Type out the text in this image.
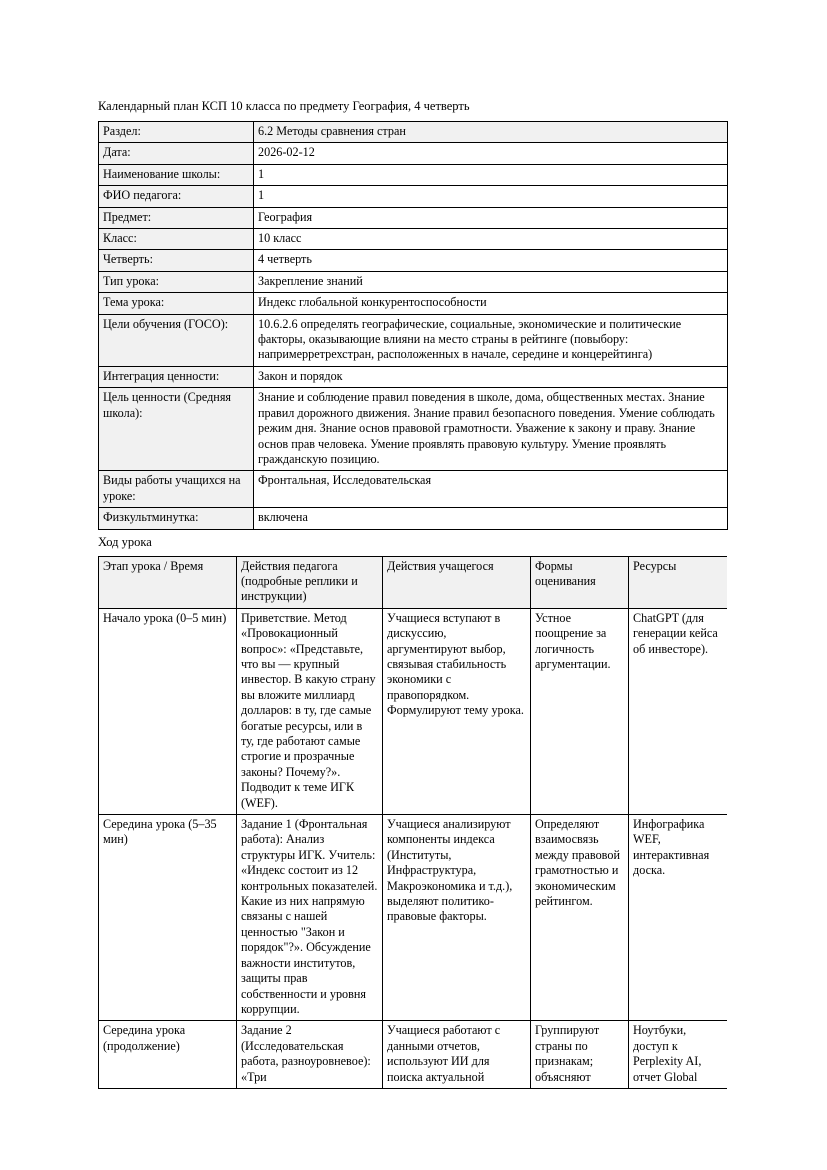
Календарный план КСП 10 класса по предмету География, 4 четверть

Раздел:	6.2 Методы сравнения стран
Дата:	2026-02-12
Наименование школы:	1
ФИО педагога:	1
Предмет:	География
Класс:	10 класс
Четверть:	4 четверть
Тип урока:	Закрепление знаний
Тема урока:	Индекс глобальной конкурентоспособности
Цели обучения (ГОСО):	10.6.2.6 определять географические, социальные, экономические и политические факторы, оказывающие влияни на место страны в рейтинге (повыбору: например‌ретрехстран, расположенных в начале, середине и концерейтинга)
Интеграция ценности:	Закон и порядок
Цель ценности (Средняя школа):	Знание и соблюдение правил поведения в школе, дома, общественных местах. Знание правил дорожного движения. Знание правил безопасного поведения. Умение соблюдать режим дня. Знание основ правовой грамотности. Уважение к закону и праву. Знание основ прав человека. Умение проявлять правовую культуру. Умение проявлять гражданскую позицию.
Виды работы учащихся на уроке:	Фронтальная, Исследовательская
Физкультминутка:	включена

Ход урока

Этап урока / Время	Действия педагога (подробные реплики и инструкции)	Действия учащегося	Формы оценивания	Ресурсы
Начало урока (0–5 мин)	Приветствие. Метод «Провокационный вопрос»: «Представьте, что вы — крупный инвестор. В какую страну вы вложите миллиард долларов: в ту, где самые богатые ресурсы, или в ту, где работают самые строгие и прозрачные законы? Почему?». Подводит к теме ИГК (WEF).	Учащиеся вступают в дискуссию, аргументируют выбор, связывая стабильность экономики с правопорядком. Формулируют тему урока.	Устное поощрение за логичность аргументации.	ChatGPT (для генерации кейса об инвесторе).
Середина урока (5–35 мин)	Задание 1 (Фронтальная работа): Анализ структуры ИГК. Учитель: «Индекс состоит из 12 контрольных показателей. Какие из них напрямую связаны с нашей ценностью "Закон и порядок"?». Обсуждение важности институтов, защиты прав собственности и уровня коррупции.	Учащиеся анализируют компоненты индекса (Институты, Инфраструктура, Макроэкономика и т.д.), выделяют политико-правовые факторы.	Определяют взаимосвязь между правовой грамотностью и экономическим рейтингом.	Инфографика WEF, интерактивная доска.
Середина урока (продолжение)	Задание 2 (Исследовательская работа, разноуровневое): «Три	Учащиеся работают с данными отчетов, используют ИИ для поиска актуальной	Группируют страны по признакам; объясняют	Ноутбуки, доступ к Perplexity AI, отчет Global
